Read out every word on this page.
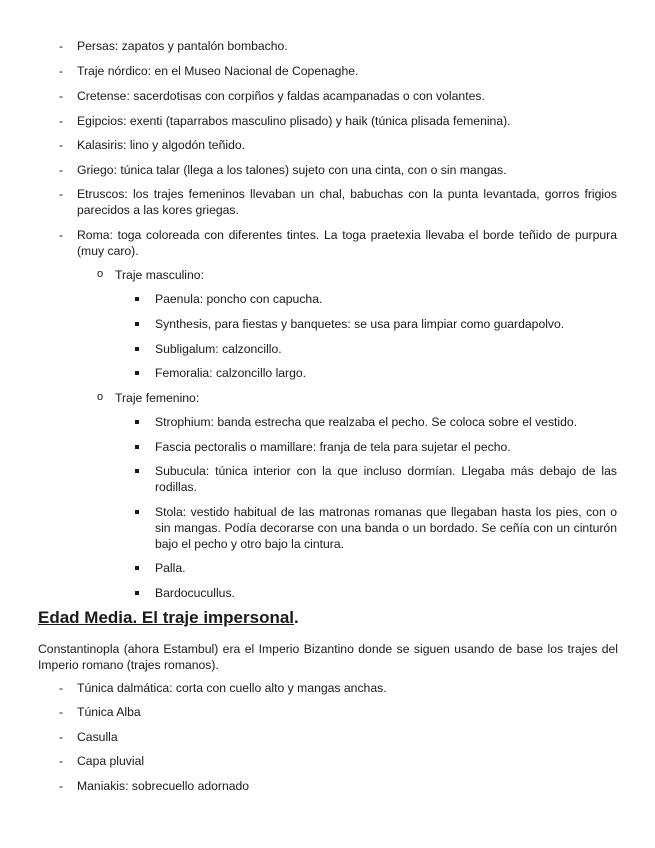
- Persas: zapatos y pantalón bombacho.
- Traje nórdico: en el Museo Nacional de Copenaghe.
- Cretense: sacerdotisas con corpiños y faldas acampanadas o con volantes.
- Egipcios: exenti (taparrabos masculino plisado) y haik (túnica plisada femenina).
- Kalasiris: lino y algodón teñido.
- Griego: túnica talar (llega a los talones) sujeto con una cinta, con o sin mangas.
- Etruscos: los trajes femeninos llevaban un chal, babuchas con la punta levantada, gorros frigios parecidos a las kores griegas.
- Roma: toga coloreada con diferentes tintes. La toga praetexia llevaba el borde teñido de purpura (muy caro).
o Traje masculino:
Paenula: poncho con capucha.
Synthesis, para fiestas y banquetes: se usa para limpiar como guardapolvo.
Subligalum: calzoncillo.
Femoralia: calzoncillo largo.
o Traje femenino:
Strophium: banda estrecha que realzaba el pecho. Se coloca sobre el vestido.
Fascia pectoralis o mamillare: franja de tela para sujetar el pecho.
Subucula: túnica interior con la que incluso dormían. Llegaba más debajo de las rodillas.
Stola: vestido habitual de las matronas romanas que llegaban hasta los pies, con o sin mangas. Podía decorarse con una banda o un bordado. Se ceñía con un cinturón bajo el pecho y otro bajo la cintura.
Palla.
Bardocucullus.
Edad Media. El traje impersonal.
Constantinopla (ahora Estambul) era el Imperio Bizantino donde se siguen usando de base los trajes del Imperio romano (trajes romanos).
- Túnica dalmática: corta con cuello alto y mangas anchas.
- Túnica Alba
- Casulla
- Capa pluvial
- Maniakis: sobrecuello adornado
